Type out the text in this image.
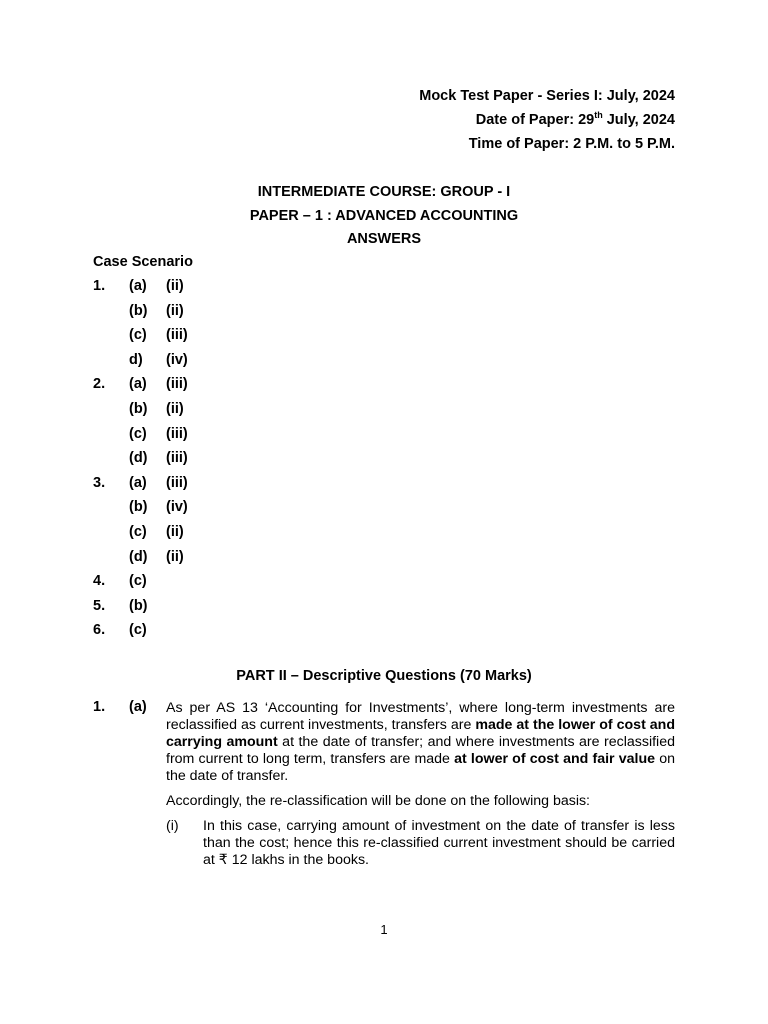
Mock Test Paper - Series I: July, 2024
Date of Paper: 29th July, 2024
Time of Paper: 2 P.M. to 5 P.M.
INTERMEDIATE COURSE: GROUP - I
PAPER – 1 : ADVANCED ACCOUNTING
ANSWERS
Case Scenario
1. (a) (ii)
(b) (ii)
(c) (iii)
d) (iv)
2. (a) (iii)
(b) (ii)
(c) (iii)
(d) (iii)
3. (a) (iii)
(b) (iv)
(c) (ii)
(d) (ii)
4. (c)
5. (b)
6. (c)
PART II – Descriptive Questions (70 Marks)
1. (a) As per AS 13 ‘Accounting for Investments’, where long-term investments are reclassified as current investments, transfers are made at the lower of cost and carrying amount at the date of transfer; and where investments are reclassified from current to long term, transfers are made at lower of cost and fair value on the date of transfer.
Accordingly, the re-classification will be done on the following basis:
(i) In this case, carrying amount of investment on the date of transfer is less than the cost; hence this re-classified current investment should be carried at ₹ 12 lakhs in the books.
1
